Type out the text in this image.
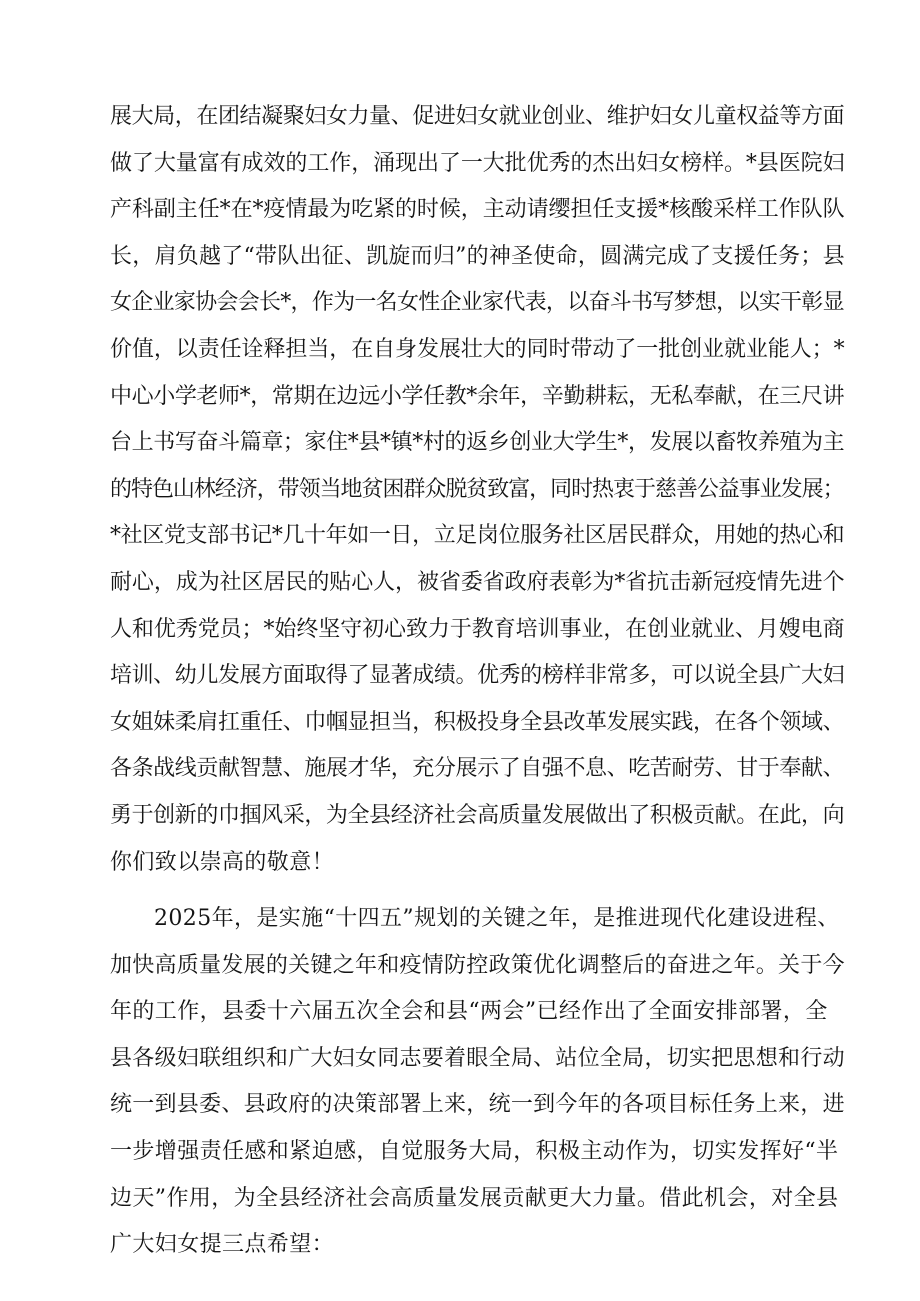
展大局，在团结凝聚妇女力量、促进妇女就业创业、维护妇女儿童权益等方面
做了大量富有成效的工作，涌现出了一大批优秀的杰出妇女榜样。*县医院妇
产科副主任*在*疫情最为吃紧的时候，主动请缨担任支援*核酸采样工作队队
长，肩负越了“带队出征、凯旋而归”的神圣使命，圆满完成了支援任务；县
女企业家协会会长*，作为一名女性企业家代表，以奋斗书写梦想，以实干彰显
价值，以责任诠释担当，在自身发展壮大的同时带动了一批创业就业能人；*
中心小学老师*，常期在边远小学任教*余年，辛勤耕耘，无私奉献，在三尺讲
台上书写奋斗篇章；家住*县*镇*村的返乡创业大学生*，发展以畜牧养殖为主
的特色山林经济，带领当地贫困群众脱贫致富，同时热衷于慈善公益事业发展；
*社区党支部书记*几十年如一日，立足岗位服务社区居民群众，用她的热心和
耐心，成为社区居民的贴心人，被省委省政府表彰为*省抗击新冠疫情先进个
人和优秀党员；*始终坚守初心致力于教育培训事业，在创业就业、月嫂电商
培训、幼儿发展方面取得了显著成绩。优秀的榜样非常多，可以说全县广大妇
女姐妹柔肩扛重任、巾帼显担当，积极投身全县改革发展实践，在各个领域、
各条战线贡献智慧、施展才华，充分展示了自强不息、吃苦耐劳、甘于奉献、
勇于创新的巾掴风采，为全县经济社会高质量发展做出了积极贡献。在此，向
你们致以崇高的敬意！
2025年，是实施“十四五”规划的关键之年，是推进现代化建设进程、
加快高质量发展的关键之年和疫情防控政策优化调整后的奋进之年。关于今
年的工作，县委十六届五次全会和县“两会”已经作出了全面安排部署，全
县各级妇联组织和广大妇女同志要着眼全局、站位全局，切实把思想和行动
统一到县委、县政府的决策部署上来，统一到今年的各项目标任务上来，进
一步增强责任感和紧迫感，自觉服务大局，积极主动作为，切实发挥好“半
边天”作用，为全县经济社会高质量发展贡献更大力量。借此机会，对全县
广大妇女提三点希望：
